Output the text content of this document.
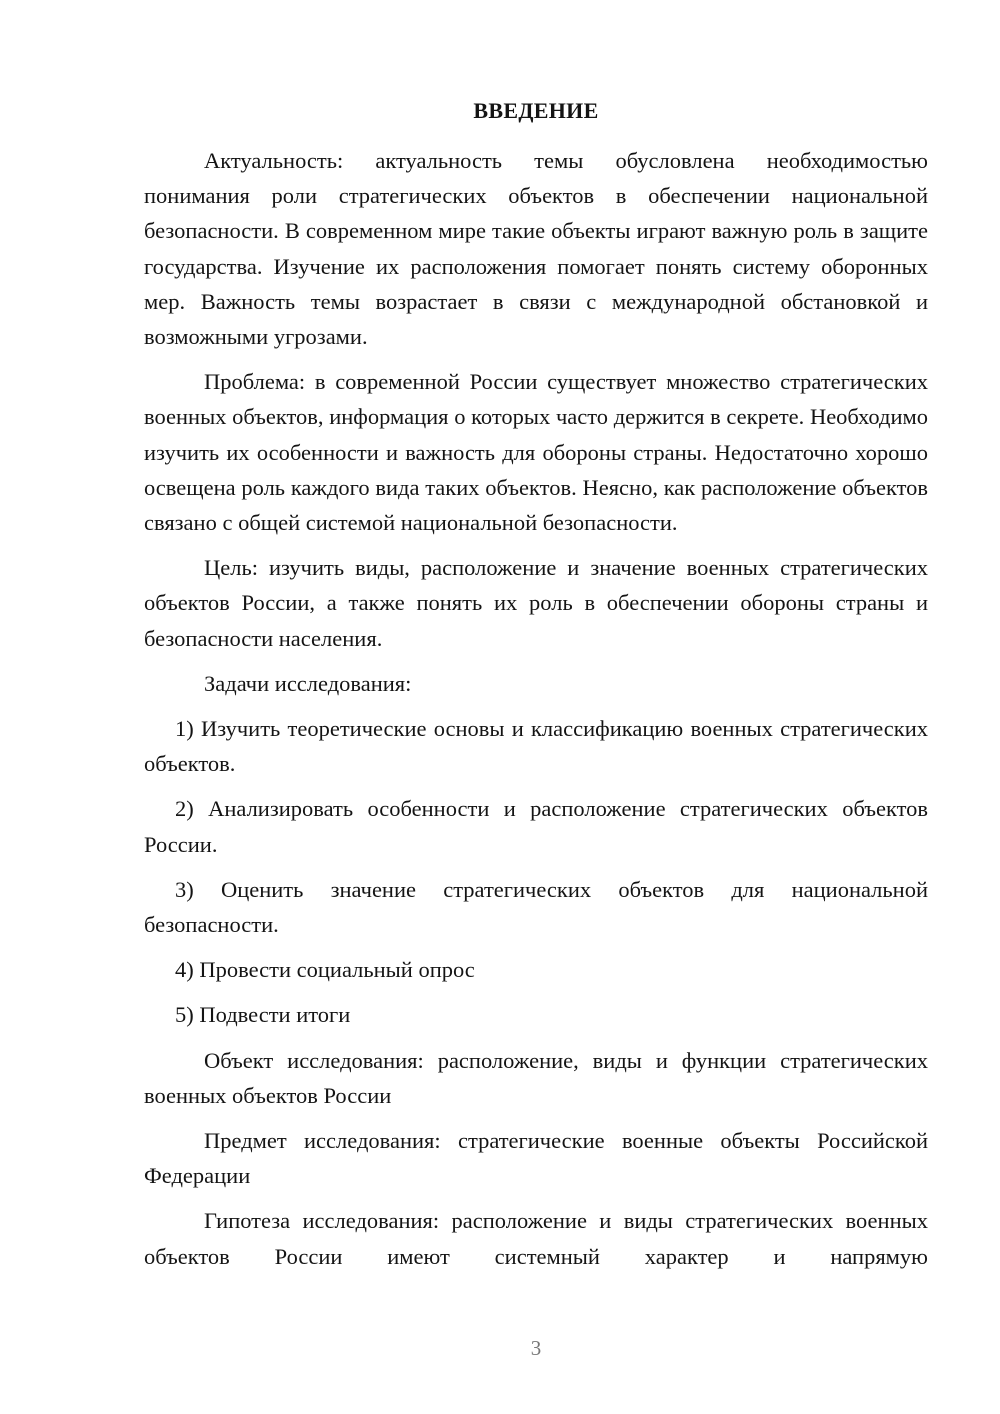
ВВЕДЕНИЕ

Актуальность: актуальность темы обусловлена необходимостью понимания роли стратегических объектов в обеспечении национальной безопасности. В современном мире такие объекты играют важную роль в защите государства. Изучение их расположения помогает понять систему оборонных мер. Важность темы возрастает в связи с международной обстановкой и возможными угрозами.

Проблема: в современной России существует множество стратегических военных объектов, информация о которых часто держится в секрете. Необходимо изучить их особенности и важность для обороны страны. Недостаточно хорошо освещена роль каждого вида таких объектов. Неясно, как расположение объектов связано с общей системой национальной безопасности.

Цель: изучить виды, расположение и значение военных стратегических объектов России, а также понять их роль в обеспечении обороны страны и безопасности населения.

Задачи исследования:

1) Изучить теоретические основы и классификацию военных стратегических объектов.

2) Анализировать особенности и расположение стратегических объектов России.

3) Оценить значение стратегических объектов для национальной безопасности.

4) Провести социальный опрос

5) Подвести итоги

Объект исследования: расположение, виды и функции стратегических военных объектов России

Предмет исследования: стратегические военные объекты Российской Федерации

Гипотеза исследования: расположение и виды стратегических военных объектов России имеют системный характер и напрямую

3
